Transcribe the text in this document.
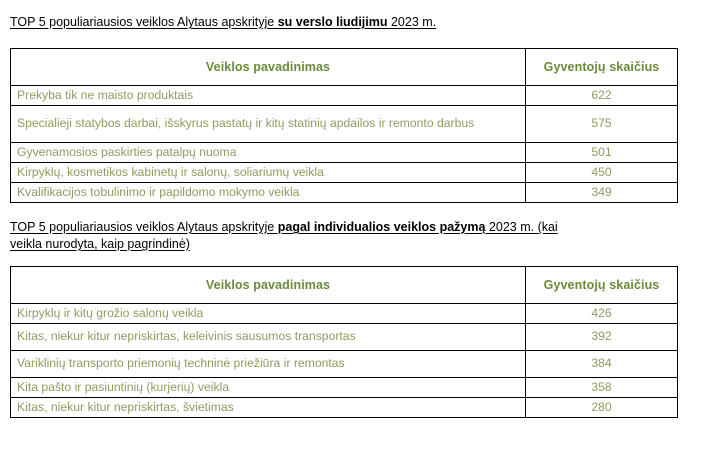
TOP 5 populiariausios veiklos Alytaus apskrityje su verslo liudijimu 2023 m.
Veiklos pavadinimas	Gyventojų skaičius
Prekyba tik ne maisto produktais	622
Specialieji statybos darbai, išskyrus pastatų ir kitų statinių apdailos ir remonto darbus	575
Gyvenamosios paskirties patalpų nuoma	501
Kirpyklų, kosmetikos kabinetų ir salonų, soliariumų veikla	450
Kvalifikacijos tobulinimo ir papildomo mokymo veikla	349
TOP 5 populiariausios veiklos Alytaus apskrityje pagal individualios veiklos pažymą 2023 m. (kai
veikla nurodyta, kaip pagrindinė)
Veiklos pavadinimas	Gyventojų skaičius
Kirpyklų ir kitų grožio salonų veikla	426
Kitas, niekur kitur nepriskirtas, keleivinis sausumos transportas	392
Variklinių transporto priemonių techninė priežiūra ir remontas	384
Kita pašto ir pasiuntinių (kurjerių) veikla	358
Kitas, niekur kitur nepriskirtas, švietimas	280
